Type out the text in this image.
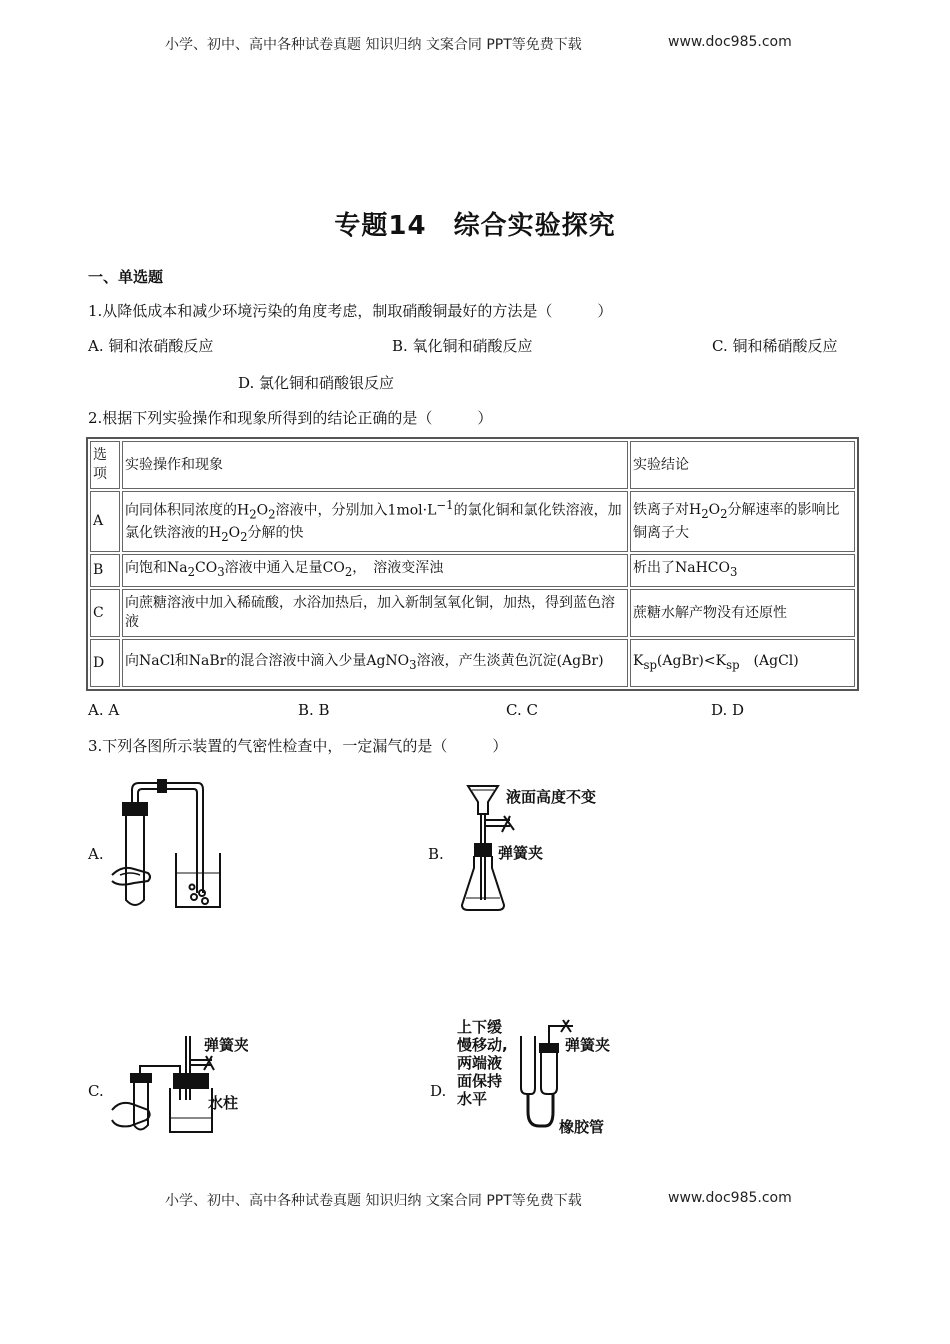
小学、初中、高中各种试卷真题 知识归纳 文案合同 PPT等免费下载	www.doc985.com
专题14　综合实验探究
一、单选题
1.从降低成本和减少环境污染的角度考虑，制取硝酸铜最好的方法是（　　　）
A. 铜和浓硝酸反应	B. 氧化铜和硝酸反应	C. 铜和稀硝酸反应
D. 氯化铜和硝酸银反应
2.根据下列实验操作和现象所得到的结论正确的是（　　　）
选项	实验操作和现象	实验结论
A	向同体积同浓度的$H_2O_2$溶液中，分别加入$1mol\cdot L^{-1}$的氯化铜和氯化铁溶液，加氯化铁溶液的$H_2O_2$分解的快	铁离子对$H_2O_2$分解速率的影响比铜离子大
B	向饱和$Na_2CO_3$溶液中通入足量$CO_2$，　溶液变浑浊	析出了NaHCO$_3$
C	向蔗糖溶液中加入稀硫酸，水浴加热后，加入新制氢氧化铜，加热，得到蓝色溶液	蔗糖水解产物没有还原性
D	向NaCl和NaBr的混合溶液中滴入少量AgNO$_3$溶液，产生淡黄色沉淀(AgBr)	$K_{sp}(AgBr)<K_{sp}$　(AgCl)
A. A	B. B	C. C	D. D
3.下列各图所示装置的气密性检查中，一定漏气的是（　　　）
A.	B.
C.	D.
液面高度不变
弹簧夹
弹簧夹
水柱
上下缓
慢移动,
两端液
面保持
水平
弹簧夹
橡胶管
小学、初中、高中各种试卷真题 知识归纳 文案合同 PPT等免费下载	www.doc985.com
